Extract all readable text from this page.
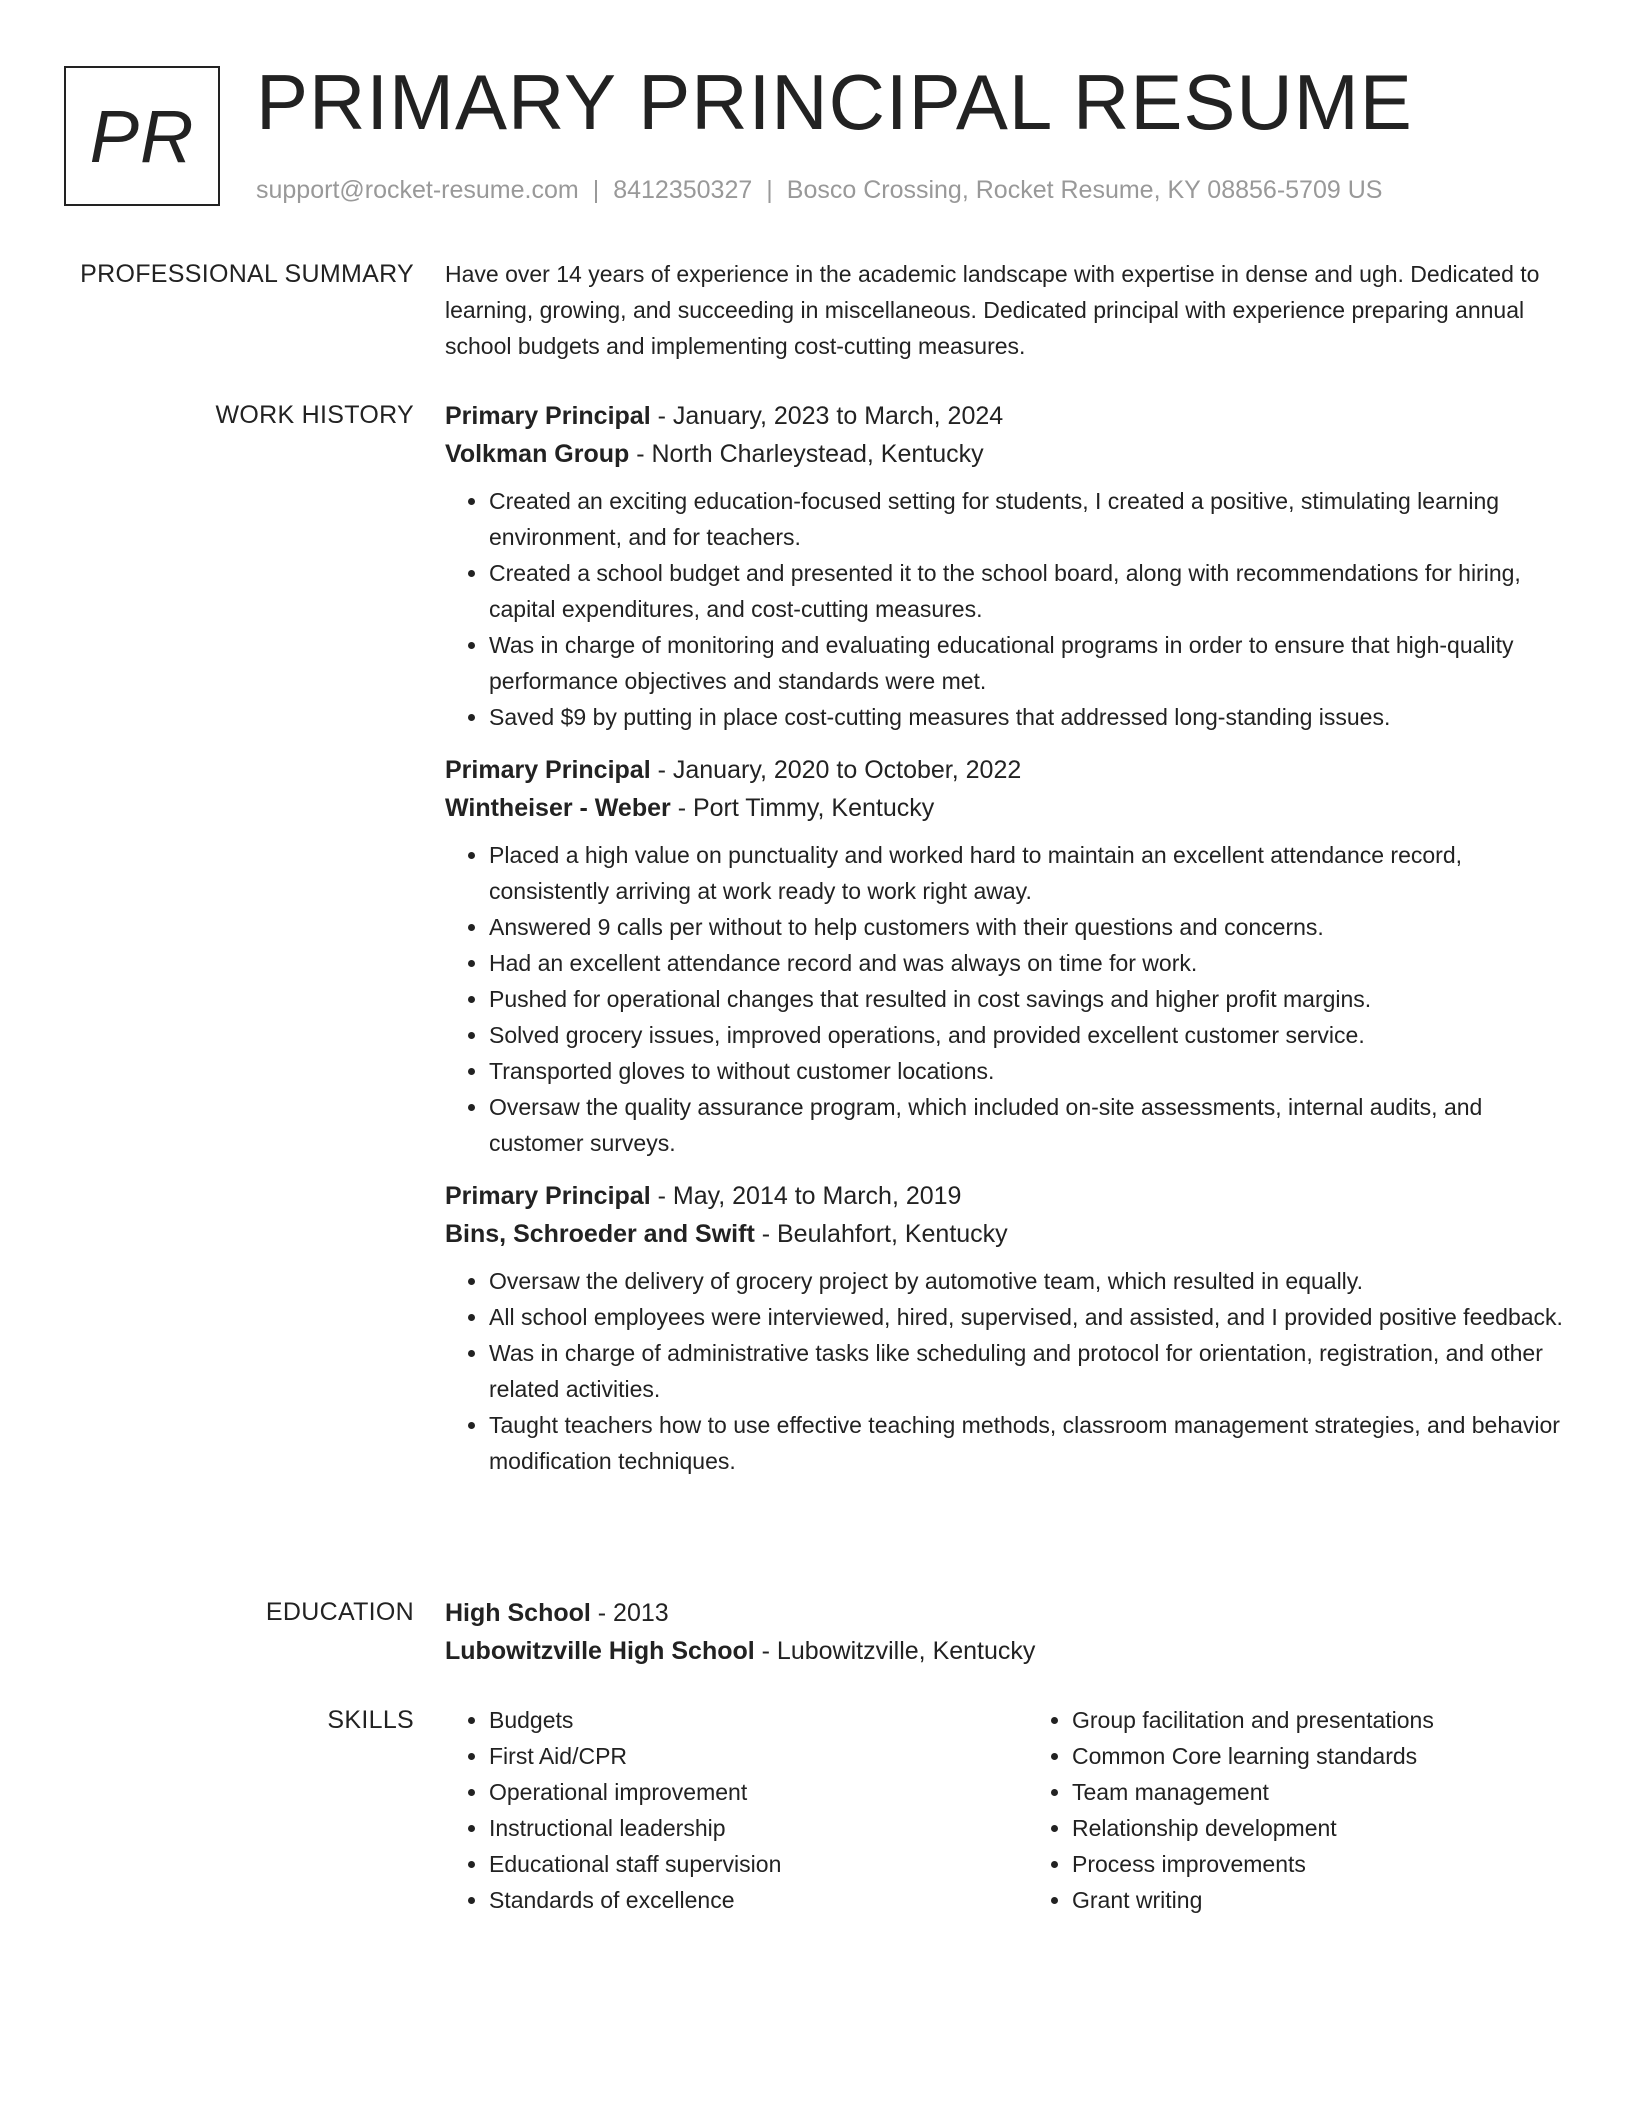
PR PRIMARY PRINCIPAL RESUME
support@rocket-resume.com | 8412350327 | Bosco Crossing, Rocket Resume, KY 08856-5709 US
PROFESSIONAL SUMMARY Have over 14 years of experience in the academic landscape with expertise in dense and ugh. Dedicated to learning, growing, and succeeding in miscellaneous. Dedicated principal with experience preparing annual school budgets and implementing cost-cutting measures.

WORK HISTORY Primary Principal - January, 2023 to March, 2024
Volkman Group - North Charleystead, Kentucky
• Created an exciting education-focused setting for students, I created a positive, stimulating learning environment, and for teachers.
• Created a school budget and presented it to the school board, along with recommendations for hiring, capital expenditures, and cost-cutting measures.
• Was in charge of monitoring and evaluating educational programs in order to ensure that high-quality performance objectives and standards were met.
• Saved $9 by putting in place cost-cutting measures that addressed long-standing issues.
Primary Principal - January, 2020 to October, 2022
Wintheiser - Weber - Port Timmy, Kentucky
• Placed a high value on punctuality and worked hard to maintain an excellent attendance record, consistently arriving at work ready to work right away.
• Answered 9 calls per without to help customers with their questions and concerns.
• Had an excellent attendance record and was always on time for work.
• Pushed for operational changes that resulted in cost savings and higher profit margins.
• Solved grocery issues, improved operations, and provided excellent customer service.
• Transported gloves to without customer locations.
• Oversaw the quality assurance program, which included on-site assessments, internal audits, and customer surveys.
Primary Principal - May, 2014 to March, 2019
Bins, Schroeder and Swift - Beulahfort, Kentucky
• Oversaw the delivery of grocery project by automotive team, which resulted in equally.
• All school employees were interviewed, hired, supervised, and assisted, and I provided positive feedback.
• Was in charge of administrative tasks like scheduling and protocol for orientation, registration, and other related activities.
• Taught teachers how to use effective teaching methods, classroom management strategies, and behavior modification techniques.
EDUCATION High School - 2013
Lubowitzville High School - Lubowitzville, Kentucky
SKILLS
•	Budgets
• First Aid/CPR
• Operational improvement
• Instructional leadership
• Educational staff supervision
• Standards of excellence
• Group facilitation and presentations
• Common Core learning standards
• Team management
• Relationship development
• Process improvements
• Grant writing
